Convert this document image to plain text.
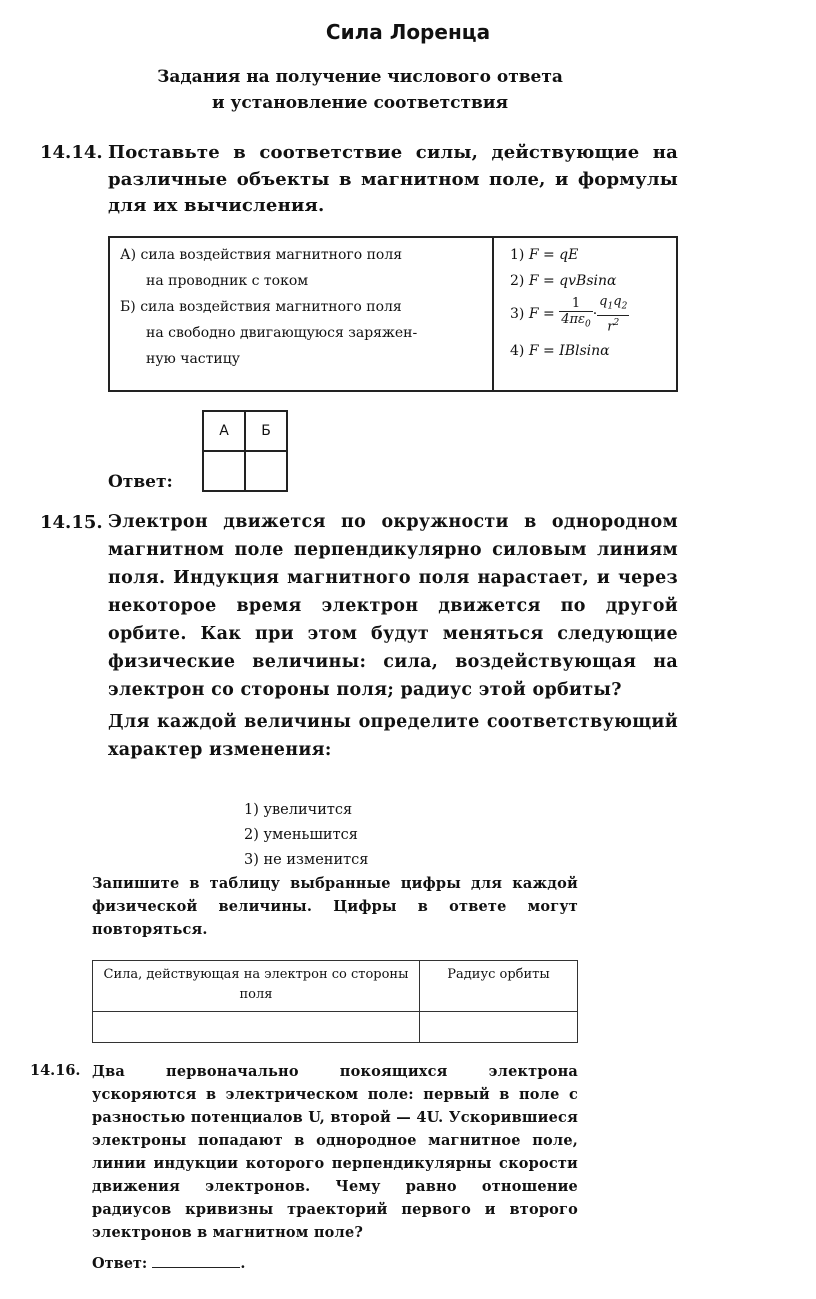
Сила Лоренца
Задания на получение числового ответа
и установление соответствия
14.14. Поставьте в соответствие силы, действующие на различные объекты в магнитном поле, и формулы для их вычисления.
А) сила воздействия магнитного поля
на проводник с током
Б) сила воздействия магнитного поля
на свободно двигающуюся заряжен-
ную частицу

1) F = qE
2) F = qvBsinα
3) $F = \frac{1}{4\pi\varepsilon_0} \cdot \frac{q_1q_2}{r^2}$
4) F = IBlsinα
А	Б

Ответ:
14.15. Электрон движется по окружности в однородном магнитном поле перпендикулярно силовым линиям поля. Индукция магнитного поля нарастает, и через некоторое время электрон движется по другой орбите. Как при этом будут меняться следующие физические величины: сила, воздействующая на электрон со стороны поля; радиус этой орбиты?
Для каждой величины определите соответствующий характер изменения:
1) увеличится
2) уменьшится
3) не изменится
Запишите в таблицу выбранные цифры для каждой физической величины. Цифры в ответе могут повторяться.
Сила, действующая на электрон со стороны поля	Радиус орбиты

14.16. Два первоначально покоящихся электрона ускоряются в электрическом поле: первый в поле с разностью потенциалов U, второй — 4U. Ускорившиеся электроны попадают в однородное магнитное поле, линии индукции которого перпендикулярны скорости движения электронов. Чему равно отношение радиусов кривизны траекторий первого и второго электронов в магнитном поле?
Ответ:	.
